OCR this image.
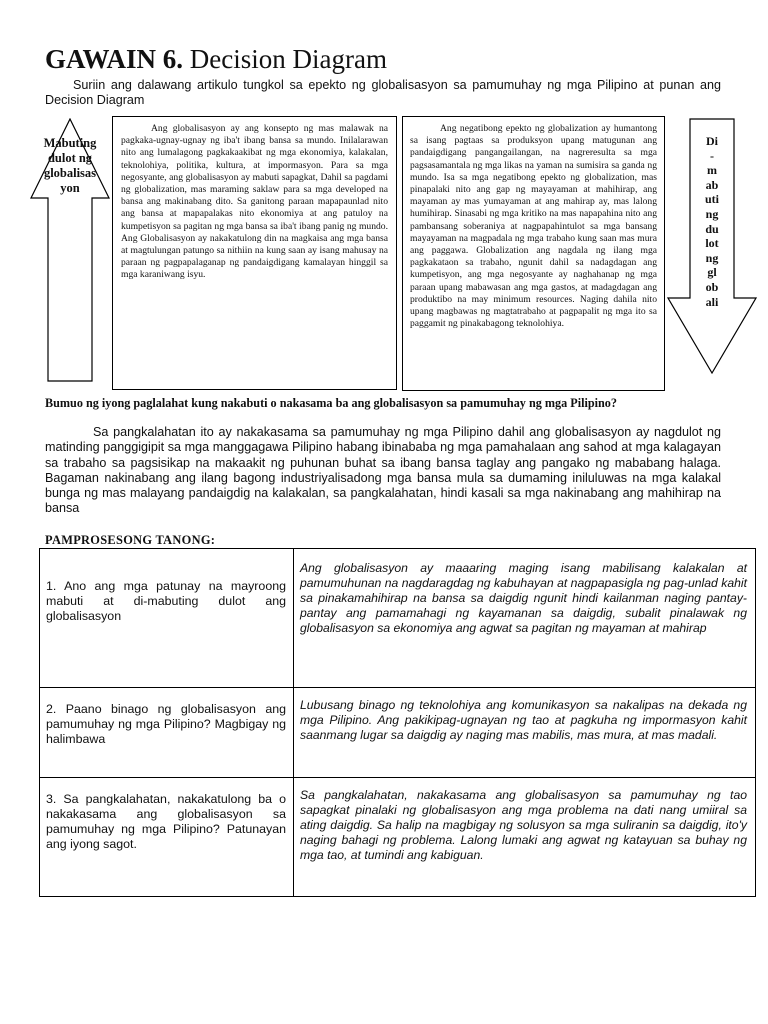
GAWAIN 6. Decision Diagram
Suriin ang dalawang artikulo tungkol sa epekto ng globalisasyon sa pamumuhay ng mga Pilipino at punan ang Decision Diagram
Mabuting
dulot ng
globalisas
yon

Ang globalisasyon ay ang konsepto ng mas malawak na pagkaka-ugnay-ugnay ng iba't ibang bansa sa mundo. Inilalarawan nito ang lumalagong pagkakaakibat ng mga ekonomiya, kalakalan, teknolohiya, politika, kultura, at impormasyon. Para sa mga negosyante, ang globalisasyon ay mabuti sapagkat, Dahil sa pagdami ng globalization, mas maraming saklaw para sa mga developed na bansa ang makinabang dito. Sa ganitong paraan mapapaunlad nito ang bansa at mapapalakas nito ekonomiya at ang patuloy na kumpetisyon sa pagitan ng mga bansa sa iba't ibang panig ng mundo. Ang Globalisasyon ay nakakatulong din na magkaisa ang mga bansa at magtulungan patungo sa nithiin na kung saan ay isang mahusay na paraan ng pagpapalaganap ng pandaigdigang kamalayan hinggil sa mga karaniwang isyu.

Ang negatibong epekto ng globalization ay humantong sa isang pagtaas sa produksyon upang matugunan ang pandaigdigang pangangailangan, na nagreresulta sa mga pagsasamantala ng mga likas na yaman na sumisira sa ganda ng mundo. Isa sa mga negatibong epekto ng globalization, mas pinapalaki nito ang gap ng mayayaman at mahihirap, ang mayaman ay mas yumayaman at ang mahirap ay, mas lalong humihirap. Sinasabi ng mga kritiko na mas napapahina nito ang pambansang soberaniya at nagpapahintulot sa mga bansang mayayaman na magpadala ng mga trabaho kung saan mas mura ang paggawa. Globalization ang nagdala ng ilang mga pagkakataon sa trabaho, ngunit dahil sa nadagdagan ang kumpetisyon, ang mga negosyante ay naghahanap ng mga paraan upang mabawasan ang mga gastos, at madagdagan ang produktibo na may minimum resources. Naging dahila nito upang magbawas ng magtatrabaho at pagpapalit ng mga ito sa paggamit ng pinakabagong teknolohiya.

Di
-
m
ab
uti
ng
du
lot
ng
gl
ob
ali
Bumuo ng iyong paglalahat kung nakabuti o nakasama ba ang globalisasyon sa pamumuhay ng mga Pilipino?
Sa pangkalahatan ito ay nakakasama sa pamumuhay ng mga Pilipino dahil ang globalisasyon ay nagdulot ng matinding panggigipit sa mga manggagawa Pilipino habang ibinababa ng mga pamahalaan ang sahod at mga kalagayan sa trabaho sa pagsisikap na makaakit ng puhunan buhat sa ibang bansa taglay ang pangako ng mababang halaga. Bagaman nakinabang ang ilang bagong industriyalisadong mga bansa mula sa dumaming iniluluwas na mga kalakal bunga ng mas malayang pandaigdig na kalakalan, sa pangkalahatan, hindi kasali sa mga nakinabang ang mahihirap na bansa
PAMPROSESONG TANONG:
1. Ano ang mga patunay na mayroong mabuti at di-mabuting dulot ang globalisasyon	Ang globalisasyon ay maaaring maging isang mabilisang kalakalan at pamumuhunan na nagdaragdag ng kabuhayan at nagpapasigla ng pag-unlad kahit sa pinakamahihirap na bansa sa daigdig ngunit hindi kailanman naging pantay-pantay ang pamamahagi ng kayamanan sa daigdig, subalit pinalawak ng globalisasyon sa ekonomiya ang agwat sa pagitan ng mayaman at mahirap
2. Paano binago ng globalisasyon ang pamumuhay ng mga Pilipino? Magbigay ng halimbawa	Lubusang binago ng teknolohiya ang komunikasyon sa nakalipas na dekada ng mga Pilipino. Ang pakikipag-ugnayan ng tao at pagkuha ng impormasyon kahit saanmang lugar sa daigdig ay naging mas mabilis, mas mura, at mas madali.
3. Sa pangkalahatan, nakakatulong ba o nakakasama ang globalisasyon sa pamumuhay ng mga Pilipino? Patunayan ang iyong sagot.	Sa pangkalahatan, nakakasama ang globalisasyon sa pamumuhay ng tao sapagkat pinalaki ng globalisasyon ang mga problema na dati nang umiiral sa ating daigdig. Sa halip na magbigay ng solusyon sa mga suliranin sa daigdig, ito'y naging bahagi ng problema. Lalong lumaki ang agwat ng katayuan sa buhay ng mga tao, at tumindi ang kabiguan.
